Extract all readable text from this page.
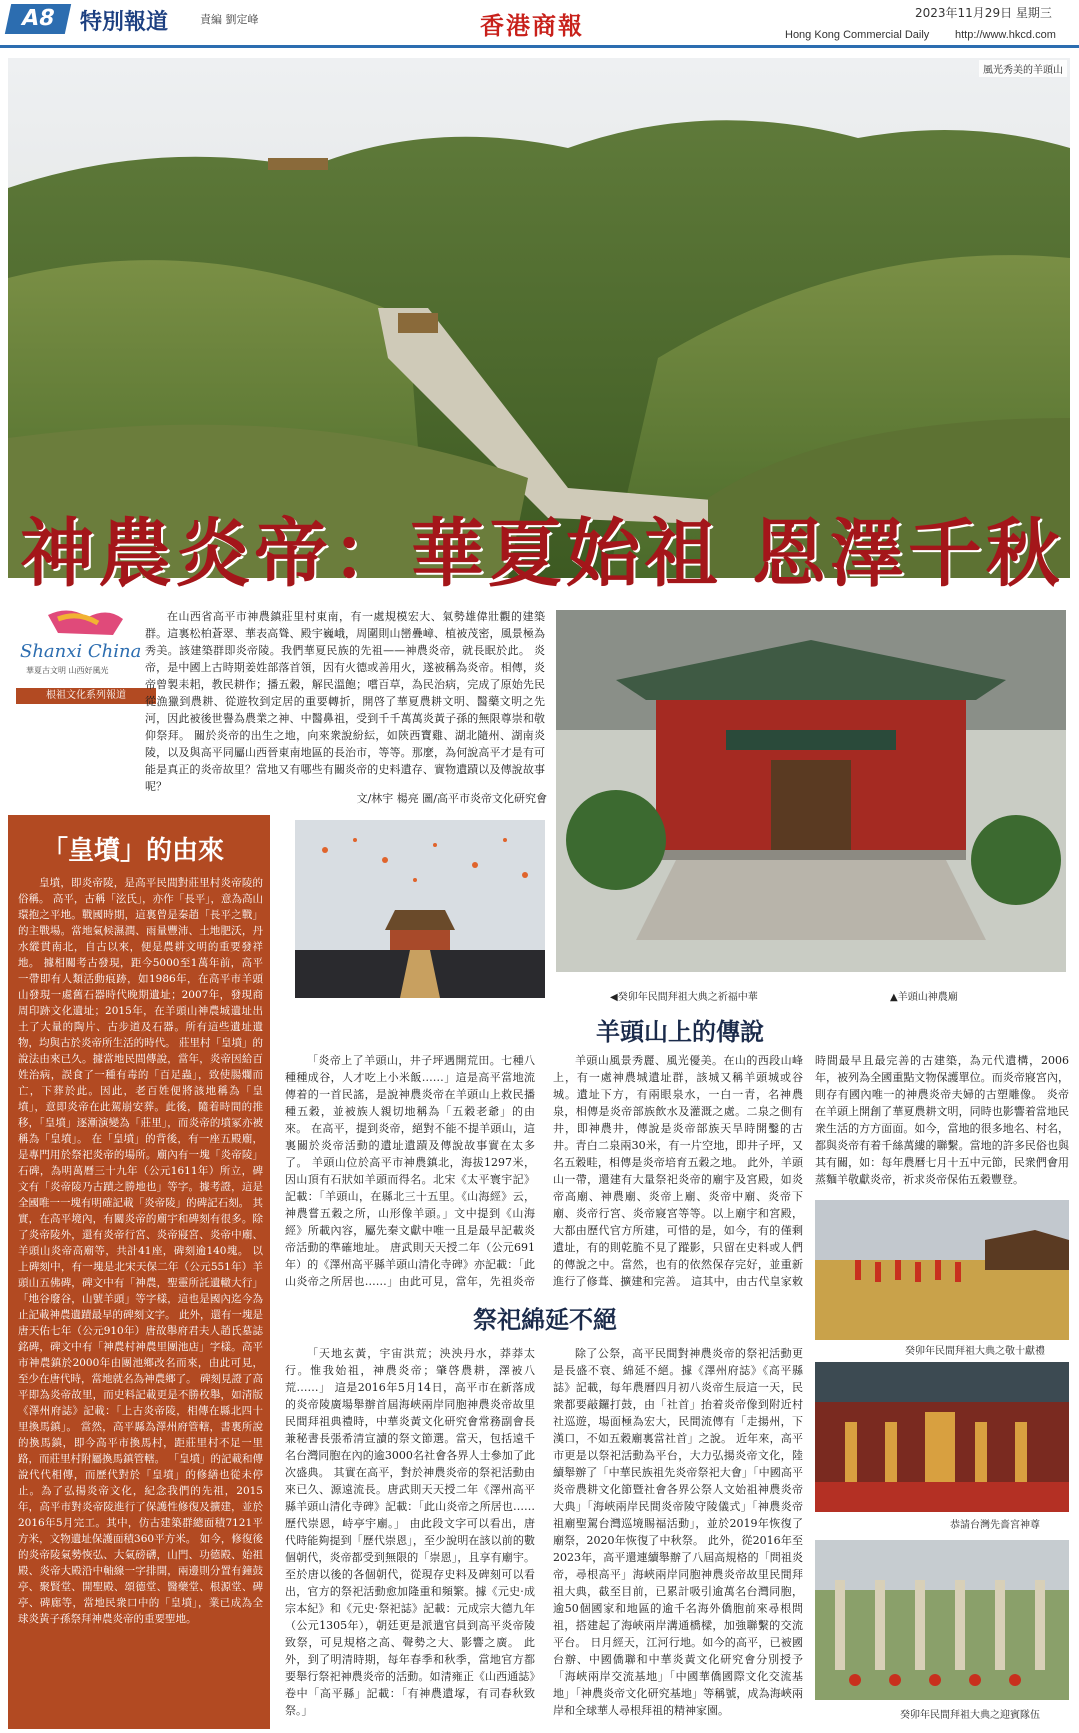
A8	特別報道	責編 劉定峰	香港商報	2023年11月29日 星期三
Hong Kong Commercial Daily http://www.hkcd.com
風光秀美的羊頭山
神農炎帝：華夏始祖 恩澤千秋
Shanxi China
華夏古文明 山西好風光
根祖文化系列報道
在山西省高平市神農鎮莊里村東南，有一處規模宏大、氣勢雄偉壯觀的建築群。這裏松柏蒼翠、華表高聳、殿宇巍峨，周圍則山巒疊嶂、植被茂密，風景極為秀美。該建築群即炎帝陵。我們華夏民族的先祖——神農炎帝，就長眠於此。 炎帝，是中國上古時期姜姓部落首領，因有火德或善用火，遂被稱為炎帝。相傳，炎帝曾製耒耜，教民耕作；播五穀，解民溫飽；嚐百草，為民治病，完成了原始先民從漁獵到農耕、從遊牧到定居的重要轉折，開啓了華夏農耕文明、醫藥文明之先河，因此被後世譽為農業之神、中醫鼻祖，受到千千萬萬炎黃子孫的無限尊崇和敬仰祭拜。 關於炎帝的出生之地，向來衆說紛紜，如陝西寶雞、湖北隨州、湖南炎陵，以及與高平同屬山西晉東南地區的長治市，等等。那麼，為何說高平才是有可能是真正的炎帝故里？當地又有哪些有關炎帝的史料遺存、實物遺蹟以及傳說故事呢？
文/林宇 楊亮 圖/高平市炎帝文化研究會
▲羊頭山神農廟
「皇墳」的由來
皇墳，即炎帝陵，是高平民間對莊里村炎帝陵的俗稱。 高平，古稱「泫氏」，亦作「長平」，意為高山環抱之平地。戰國時期，這裏曾是秦趙「長平之戰」的主戰場。當地氣候濕潤、雨量豐沛、土地肥沃，丹水縱貫南北，自古以來，便是農耕文明的重要發祥地。 據相關考古發現，距今5000至1萬年前，高平一帶即有人類活動痕跡，如1986年，在高平市羊頭山發現一處舊石器時代晚期遺址；2007年，發現商周印跡文化遺址；2015年，在羊頭山神農城遺址出土了大量的陶片、古步道及石器。所有這些遺址遺物，均與古於炎帝所生活的時代。 莊里村「皇墳」的說法由來已久。據當地民間傳說，當年，炎帝因給百姓治病，誤食了一種有毒的「百足蟲」，致使腸爛而亡，下葬於此。因此，老百姓便將該地稱為「皇墳」，意即炎帝在此駕崩安葬。此後，隨着時間的推移，「皇墳」逐漸演變為「莊里」，而炎帝的墳冢亦被稱為「皇墳」。 在「皇墳」的背後，有一座五殿廟，是專門用於祭祀炎帝的場所。廟內有一塊「炎帝陵」石碑，為明萬曆三十九年（公元1611年）所立，碑文有「炎帝陵乃古蹟之勝地也」等字。據考證，這是全國唯一一塊有明確記載「炎帝陵」的碑記石刻。 其實，在高平境內，有關炎帝的廟宇和碑刻有很多。除了炎帝陵外，還有炎帝行宮、炎帝寢宮、炎帝中廟、羊頭山炎帝高廟等，共計41座，碑刻逾140塊。 以上碑刻中，有一塊是北宋天保二年（公元551年）羊頭山五佛碑，碑文中有「神農，聖靈所託遺轍大行」「地谷廢谷，山號羊頭」等字樣，這也是國內迄今為止記載神農遺蹟最早的碑刻文字。 此外，還有一塊是唐天佑七年（公元910年）唐故舉府君夫人趙氏墓誌銘碑，碑文中有「神農村神農里團池店」字樣。高平市神農鎮於2000年由團池鄉改名而來，由此可見，至少在唐代時，當地就名為神農鄉了。 碑刻見證了高平即為炎帝故里，而史料記載更是不勝枚舉，如清版《澤州府誌》記載：「上古炎帝陵，相傳在縣北四十里換馬鎮」。 當然，高平縣為澤州府管轄，書裏所說的換馬鎮，即今高平市換馬村，距莊里村不足一里路，而莊里村附屬換馬鎮管轄。 「皇墳」的記載和傳說代代相傳，而歷代對於「皇墳」的修繕也從未停止。為了弘揚炎帝文化，紀念我們的先祖，2015年，高平市對炎帝陵進行了保護性修復及擴建，並於2016年5月完工。其中，仿古建築群總面積7121平方米，文物遺址保護面積360平方米。 如今，修復後的炎帝陵氣勢恢弘、大氣磅礴，山門、功德殿、始祖殿、炎帝大殿沿中軸線一字排開，兩邊則分置有鐘鼓亭、聚賢堂、開聖殿、頌德堂、醫藥堂、根源堂、碑亭、碑廊等，當地民衆口中的「皇墳」，業已成為全球炎黃子孫祭拜神農炎帝的重要聖地。
◀癸卯年民間拜祖大典之祈福中華
羊頭山上的傳說
「炎帝上了羊頭山，井子坪遇開荒田。七種八種種成谷，人才吃上小米飯……」這是高平當地流傳着的一首民謠，是說神農炎帝在羊頭山上救民播種五穀，並被族人親切地稱為「五穀老爺」的由來。 在高平，提到炎帝，絕對不能不提羊頭山，這裏關於炎帝活動的遺址遺蹟及傳說故事實在太多了。 羊頭山位於高平市神農鎮北，海拔1297米，因山頂有石狀如羊頭而得名。北宋《太平寰宇記》記載：「羊頭山，在縣北三十五里。《山海經》云，神農嘗五穀之所，山形像羊頭。」文中提到《山海經》所載內容，屬先秦文獻中唯一且是最早記載炎帝活動的準確地址。 唐武則天天授二年（公元691年）的《澤州高平縣羊頭山清化寺碑》亦記載：「此山炎帝之所居也……」由此可見，當年，先祖炎帝
羊頭山風景秀麗、風光優美。在山的西段山峰上，有一處神農城遺址群，該城又稱羊頭城或谷城。遺址下方，有兩眼泉水，一白一青，名神農泉，相傳是炎帝部族飲水及灌溉之處。二泉之側有井，即神農井，傳說是炎帝部族天旱時開鑿的古井。青白二泉兩30米，有一片空地，即井子坪，又名五穀畦，相傳是炎帝培育五穀之地。 此外，羊頭山一帶，還建有大量祭祀炎帝的廟宇及宮殿，如炎帝高廟、神農廟、炎帝上廟、炎帝中廟、炎帝下廟、炎帝行宮、炎帝寢宮等等。以上廟宇和宮殿，大都由歷代官方所建，可惜的是，如今，有的僅剩遺址，有的則乾脆不見了蹤影，只留在史料或人們的傳說之中。當然，也有的依然保存完好，並重新進行了修葺、擴建和完善。 這其中，由古代皇家敕
時間最早且最完善的古建築，為元代遺構，2006年，被列為全國重點文物保護單位。而炎帝寢宮內，則存有國內唯一的神農炎帝夫婦的古塑雕像。 炎帝在羊頭上開創了華夏農耕文明，同時也影響着當地民衆生活的方方面面。如今，當地的很多地名、村名，都與炎帝有着千絲萬縷的聯繫。當地的許多民俗也與其有關，如：每年農曆七月十五中元節，民衆們會用蒸麵羊敬獻炎帝，祈求炎帝保佑五穀豐登。
祭祀綿延不絕
「天地玄黃，宇宙洪荒；泱泱丹水，莽莽太行。惟我始祖，神農炎帝；肇啓農耕，澤被八荒……」 這是2016年5月14日，高平市在新落成的炎帝陵廣場舉辦首屆海峽兩岸同胞神農炎帝故里民間拜祖典禮時，中華炎黃文化研究會常務副會長兼秘書長張希清宣讀的祭文節選。當天，包括遠千名台灣同胞在內的逾3000名社會各界人士參加了此次盛典。 其實在高平，對於神農炎帝的祭祀活動由來已久、源遠流長。唐武則天天授二年《澤州高平縣羊頭山清化寺碑》記載：「此山炎帝之所居也……歷代崇恩，峙亭宇廟。」 由此段文字可以看出，唐代時能夠提到「歷代崇恩」，至少說明在該以前的數個朝代，炎帝都受到無限的「崇恩」，且享有廟宇。 至於唐以後的各個朝代，從現存史料及碑刻可以看出，官方的祭祀活動愈加隆重和頻繁。據《元史·成宗本紀》和《元史·祭祀誌》記載：元成宗大德九年（公元1305年），朝廷更是派遣官員到高平炎帝陵致祭，可見規格之高、聲勢之大、影響之廣。 此外，到了明清時期，每年春季和秋季，當地官方都要舉行祭祀神農炎帝的活動。如清雍正《山西通誌》卷中「高平縣」記載：「有神農遺塚，有司春秋致祭。」
除了公祭，高平民間對神農炎帝的祭祀活動更是長盛不衰、綿延不絕。據《澤州府誌》《高平縣誌》記載，每年農曆四月初八炎帝生辰這一天，民衆都要敲鑼打鼓，由「社首」抬着炎帝像到附近村社巡遊，場面極為宏大，民間流傳有「走揚州，下漢口，不如五穀廟裏當社首」之說。 近年來，高平市更是以祭祀活動為平台，大力弘揚炎帝文化，陸續舉辦了「中華民族祖先炎帝祭祀大會」「中國高平炎帝農耕文化節暨社會各界公祭人文始祖神農炎帝大典」「海峽兩岸民間炎帝陵守陵儀式」「神農炎帝祖廟聖駕台灣巡境賜福活動」，並於2019年恢復了廟祭，2020年恢復了中秋祭。 此外，從2016年至2023年，高平還連續舉辦了八屆高規格的「問祖炎帝，尋根高平」海峽兩岸同胞神農炎帝故里民間拜祖大典，截至目前，已累計吸引逾萬名台灣同胞，逾50個國家和地區的逾千名海外僑胞前來尋根問祖，搭建起了海峽兩岸溝通橋樑，加強聯繫的交流平台。 日月經天，江河行地。如今的高平，已被國台辦、中國僑聯和中華炎黃文化研究會分別授予「海峽兩岸交流基地」「中國華僑國際文化交流基地」「神農炎帝文化研究基地」等稱號，成為海峽兩岸和全球華人尋根拜祖的精神家園。
癸卯年民間拜祖大典之敬十獻禮
恭請台灣先嗇宮神尊
癸卯年民間拜祖大典之迎賓隊伍
